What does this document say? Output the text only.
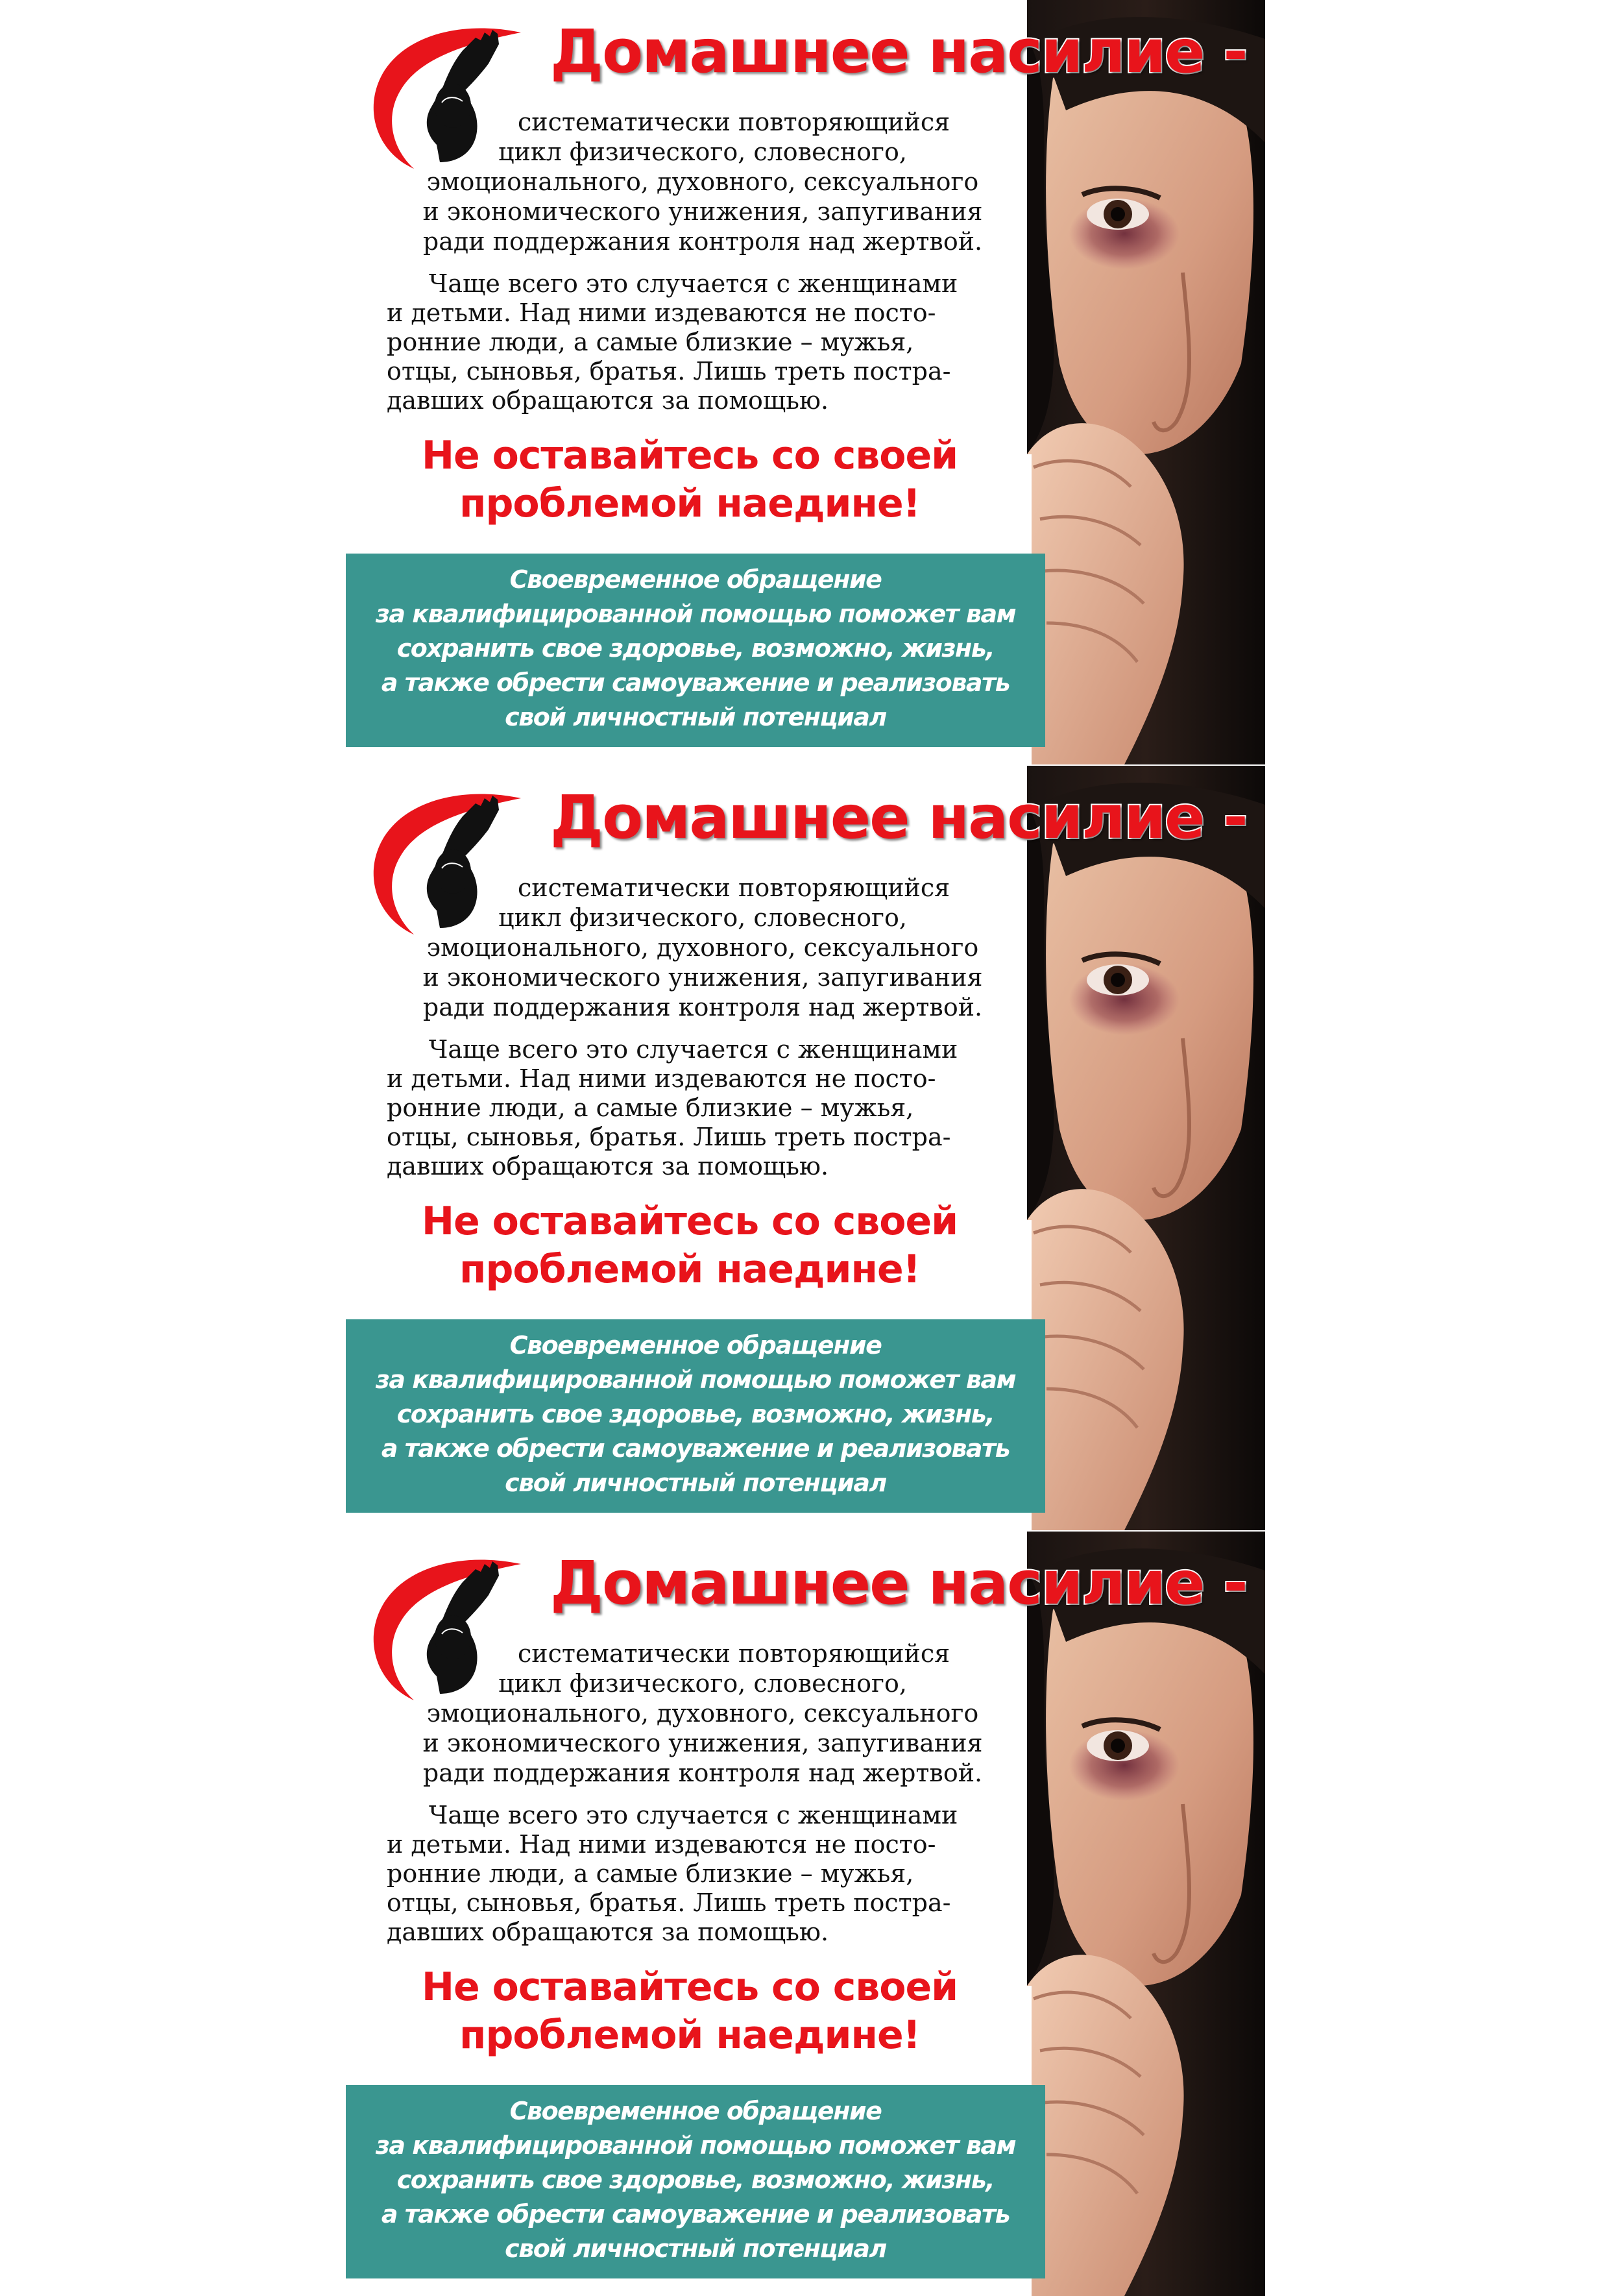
Домашнее насилие -
систематически повторяющийся
цикл физического, словесного,
эмоционального, духовного, сексуального
и экономического унижения, запугивания
ради поддержания контроля над жертвой.
Чаще всего это случается с женщинами
и детьми. Над ними издеваются не посто-
ронние люди, а самые близкие – мужья,
отцы, сыновья, братья. Лишь треть постра-
давших обращаются за помощью.
Не оставайтесь со своей
проблемой наедине!
Своевременное обращение
за квалифицированной помощью поможет вам
сохранить свое здоровье, возможно, жизнь,
а также обрести самоуважение и реализовать
свой личностный потенциал
Домашнее насилие -
систематически повторяющийся
цикл физического, словесного,
эмоционального, духовного, сексуального
и экономического унижения, запугивания
ради поддержания контроля над жертвой.
Чаще всего это случается с женщинами
и детьми. Над ними издеваются не посто-
ронние люди, а самые близкие – мужья,
отцы, сыновья, братья. Лишь треть постра-
давших обращаются за помощью.
Не оставайтесь со своей
проблемой наедине!
Своевременное обращение
за квалифицированной помощью поможет вам
сохранить свое здоровье, возможно, жизнь,
а также обрести самоуважение и реализовать
свой личностный потенциал
Домашнее насилие -
систематически повторяющийся
цикл физического, словесного,
эмоционального, духовного, сексуального
и экономического унижения, запугивания
ради поддержания контроля над жертвой.
Чаще всего это случается с женщинами
и детьми. Над ними издеваются не посто-
ронние люди, а самые близкие – мужья,
отцы, сыновья, братья. Лишь треть постра-
давших обращаются за помощью.
Не оставайтесь со своей
проблемой наедине!
Своевременное обращение
за квалифицированной помощью поможет вам
сохранить свое здоровье, возможно, жизнь,
а также обрести самоуважение и реализовать
свой личностный потенциал
